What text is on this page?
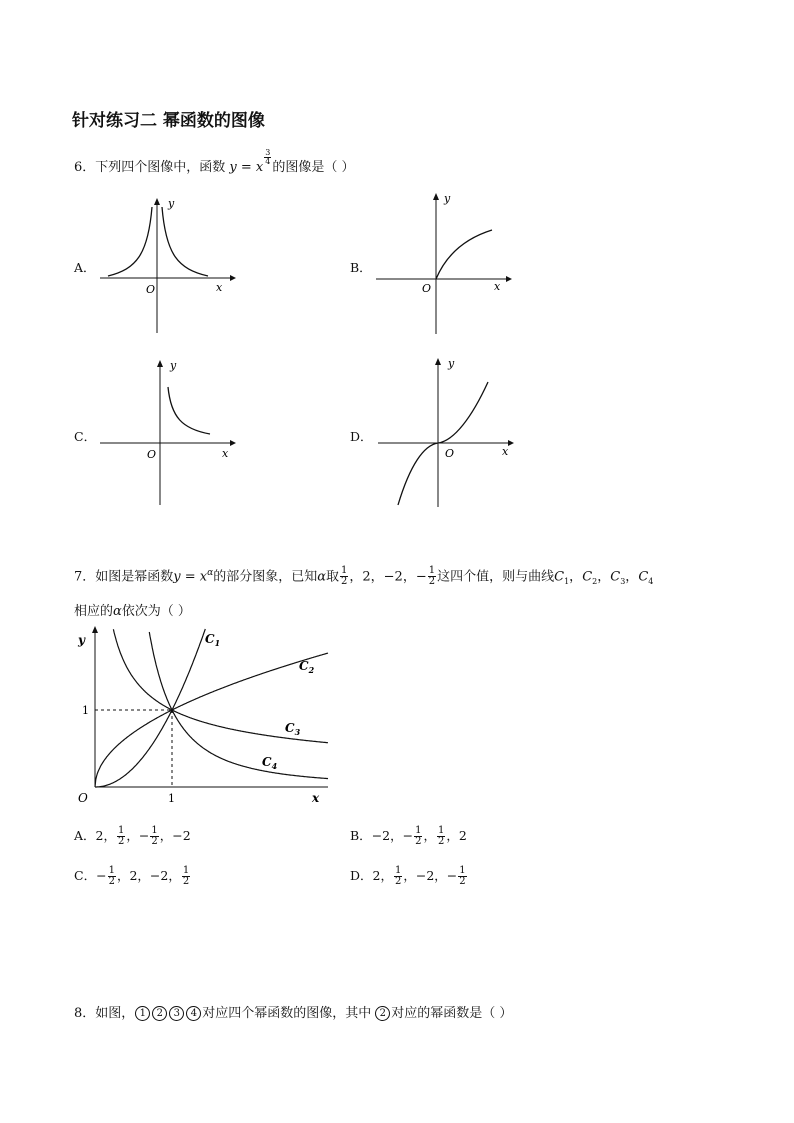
针对练习二 幂函数的图像
6．下列四个图像中，函数 y = x
$\frac{3}{4}$
的图像是（ ）
A．	B．
C．	D．
y
x
O
y
x
O
y
x
O
y
x
O
7．如图是幂函数$y = x^\alpha$的部分图象，已知α取 $\frac{1}{2}$ ，2，−2，− $\frac{1}{2}$ 这四个值，则与曲线$C_1$，$C_2$，$C_3$，$C_4$
相应的α依次为（ ）
y
x
O	1
1
$C_1$
$C_2$
$C_3$
$C_4$
A．2， $\frac{1}{2}$ ，− $\frac{1}{2}$ ，−2	B．−2，− $\frac{1}{2}$ ， $\frac{1}{2}$ ，2
C．− $\frac{1}{2}$ ，2，−2， $\frac{1}{2}$	D．2， $\frac{1}{2}$ ，−2，− $\frac{1}{2}$
8．如图， 1 2 3 4 对应四个幂函数的图像，其中 2 对应的幂函数是（ ）
